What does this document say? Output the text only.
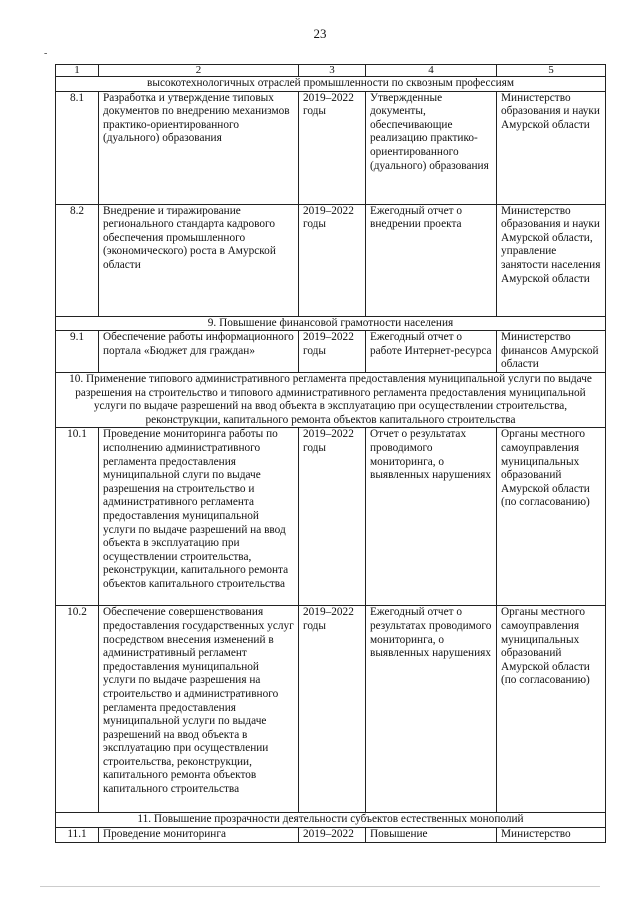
23
-
1	2	3	4	5
высокотехнологичных отраслей промышленности по сквозным профессиям				
8.1	Разработка и утверждение типовых документов по внедрению механизмов практико-ориентированного (дуального) образования	2019–2022 годы	Утвержденные документы, обеспечивающие реализацию практико-ориентированного (дуального) образования	Министерство образования и науки Амурской области
8.2	Внедрение и тиражирование регионального стандарта кадрового обеспечения промышленного (экономического) роста в Амурской области	2019–2022 годы	Ежегодный отчет о внедрении проекта	Министерство образования и науки Амурской области, управление занятости населения Амурской области
9. Повышение финансовой грамотности населения				
9.1	Обеспечение работы информационного портала «Бюджет для граждан»	2019–2022 годы	Ежегодный отчет о работе Интернет-ресурса	Министерство финансов Амурской области
10. Применение типового административного регламента предоставления муниципальной услуги по выдаче разрешения на строительство и типового административного регламента предоставления муниципальной услуги по выдаче разрешений на ввод объекта в эксплуатацию при осуществлении строительства, реконструкции, капитального ремонта объектов капитального строительства				
10.1	Проведение мониторинга работы по исполнению административного регламента предоставления муниципальной слуги по выдаче разрешения на строительство и административного регламента предоставления муниципальной услуги по выдаче разрешений на ввод объекта в эксплуатацию при осуществлении строительства, реконструкции, капитального ремонта объектов капитального строительства	2019–2022 годы	Отчет о результатах проводимого мониторинга, о выявленных нарушениях	Органы местного самоуправления муниципальных образований Амурской области (по согласованию)
10.2	Обеспечение совершенствования предоставления государственных услуг посредством внесения изменений в административный регламент предоставления муниципальной услуги по выдаче разрешения на строительство и административного регламента предоставления муниципальной услуги по выдаче разрешений на ввод объекта в эксплуатацию при осуществлении строительства, реконструкции, капитального ремонта объектов капитального строительства	2019–2022 годы	Ежегодный отчет о результатах проводимого мониторинга, о выявленных нарушениях	Органы местного самоуправления муниципальных образований Амурской области (по согласованию)
11. Повышение прозрачности деятельности субъектов естественных монополий				
11.1	Проведение мониторинга	2019–2022	Повышение	Министерство
